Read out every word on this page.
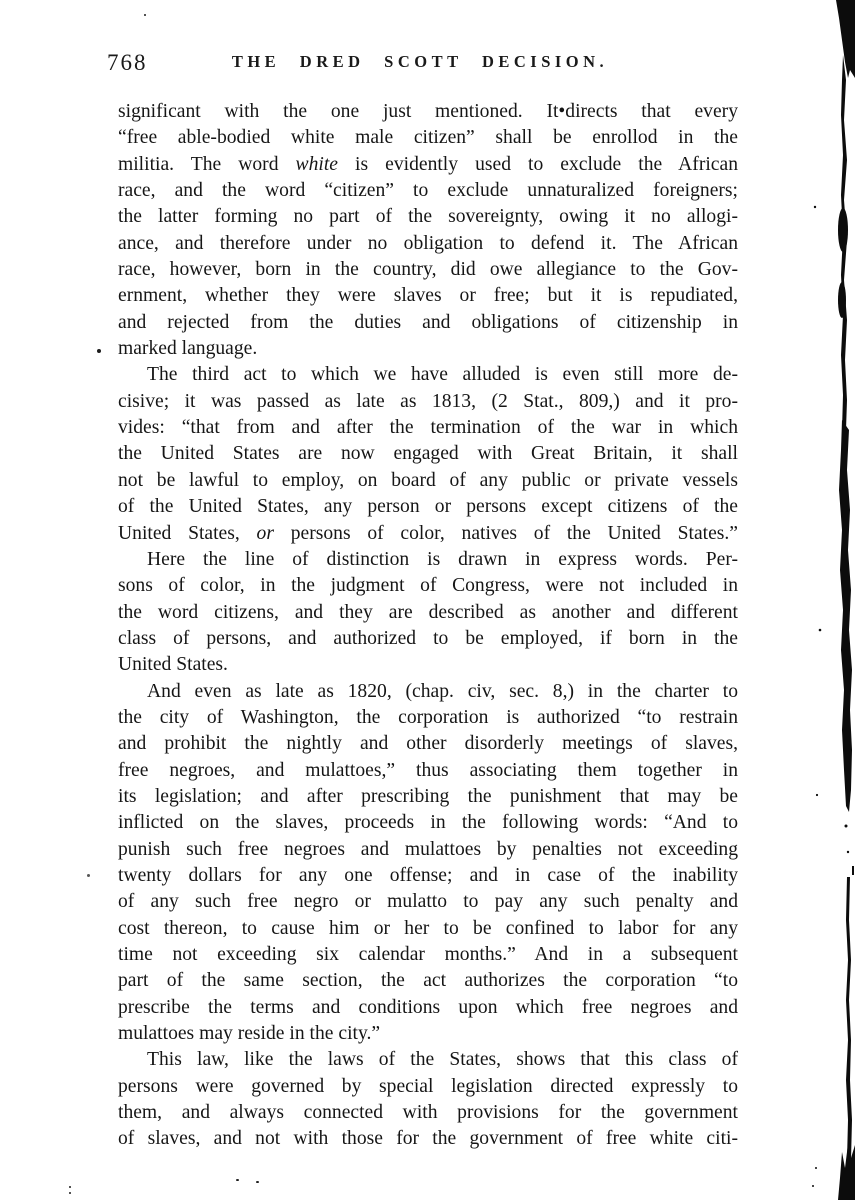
768	THE DRED SCOTT DECISION.
significant with the one just mentioned. It•directs that every
“free able-bodied white male citizen” shall be enrollod in the
militia. The word white is evidently used to exclude the African
race, and the word “citizen” to exclude unnaturalized foreigners;
the latter forming no part of the sovereignty, owing it no allogi-
ance, and therefore under no obligation to defend it. The African
race, however, born in the country, did owe allegiance to the Gov-
ernment, whether they were slaves or free; but it is repudiated,
and rejected from the duties and obligations of citizenship in
marked language.
The third act to which we have alluded is even still more de-
cisive; it was passed as late as 1813, (2 Stat., 809,) and it pro-
vides: “that from and after the termination of the war in which
the United States are now engaged with Great Britain, it shall
not be lawful to employ, on board of any public or private vessels
of the United States, any person or persons except citizens of the
United States, or persons of color, natives of the United States.”
Here the line of distinction is drawn in express words. Per-
sons of color, in the judgment of Congress, were not included in
the word citizens, and they are described as another and different
class of persons, and authorized to be employed, if born in the
United States.
And even as late as 1820, (chap. civ, sec. 8,) in the charter to
the city of Washington, the corporation is authorized “to restrain
and prohibit the nightly and other disorderly meetings of slaves,
free negroes, and mulattoes,” thus associating them together in
its legislation; and after prescribing the punishment that may be
inflicted on the slaves, proceeds in the following words: “And to
punish such free negroes and mulattoes by penalties not exceeding
twenty dollars for any one offense; and in case of the inability
of any such free negro or mulatto to pay any such penalty and
cost thereon, to cause him or her to be confined to labor for any
time not exceeding six calendar months.” And in a subsequent
part of the same section, the act authorizes the corporation “to
prescribe the terms and conditions upon which free negroes and
mulattoes may reside in the city.”
This law, like the laws of the States, shows that this class of
persons were governed by special legislation directed expressly to
them, and always connected with provisions for the government
of slaves, and not with those for the government of free white citi-
